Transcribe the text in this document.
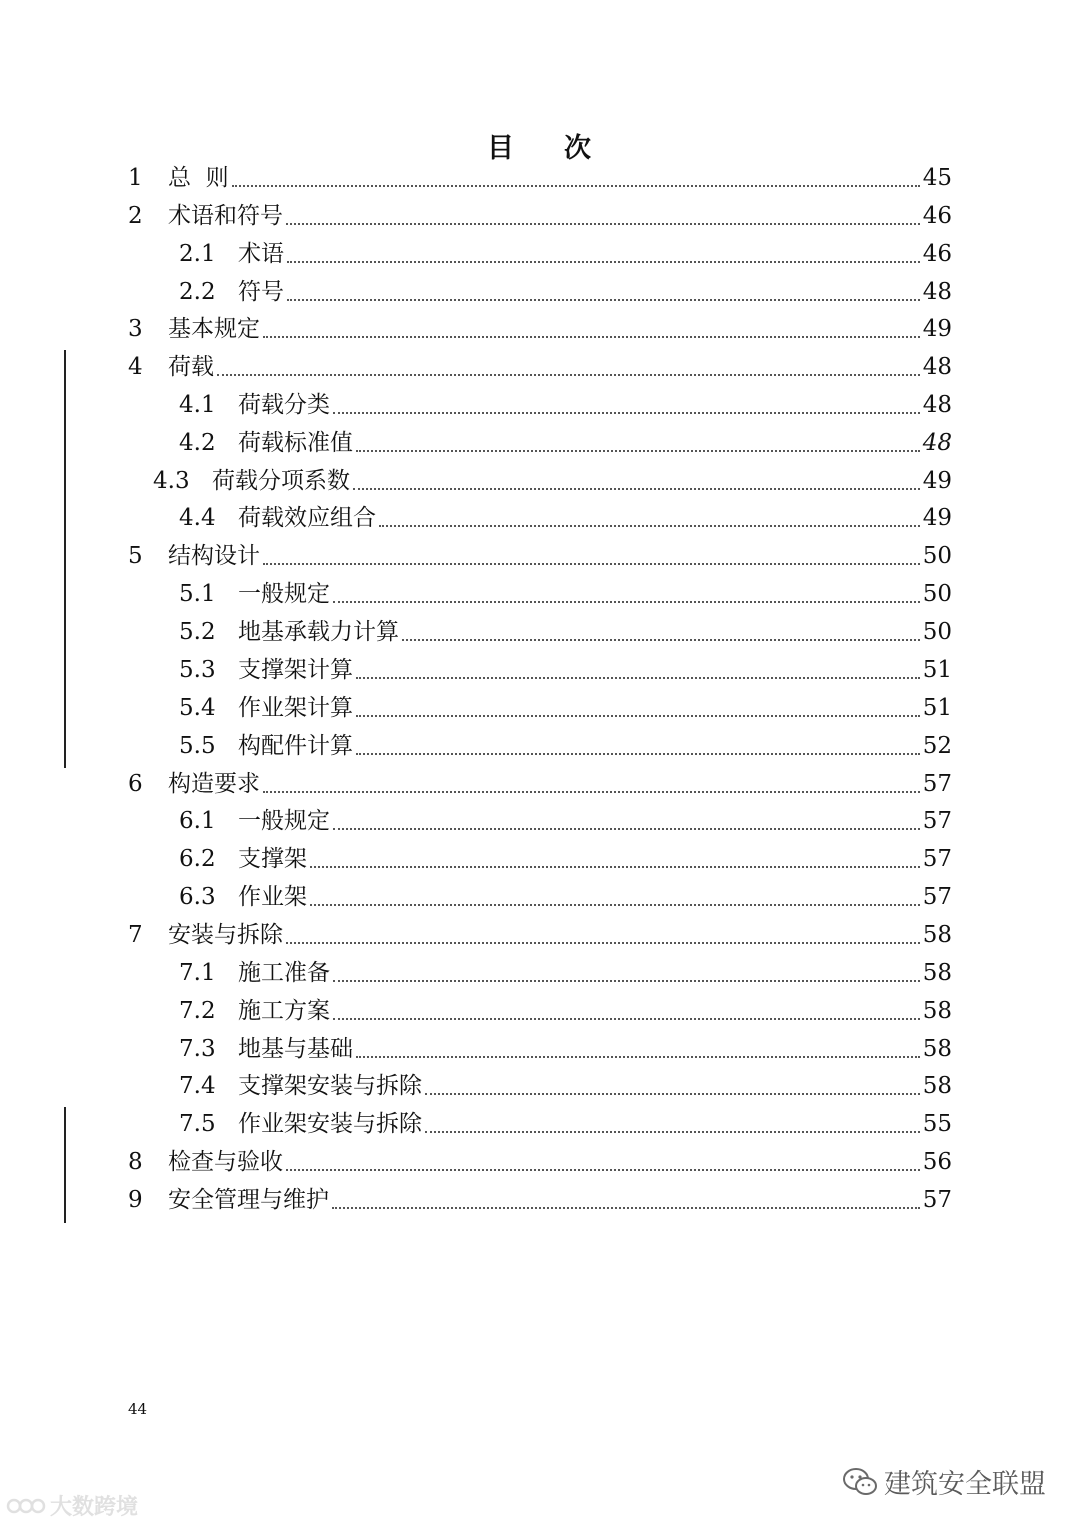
目 次
1	总  则	45
2	术语和符号	46
2.1 术语	46
2.2 符号	48
3	基本规定	49
4	荷载	48
4.1 荷载分类	48
4.2 荷载标准值	48
4.3 荷载分项系数	49
4.4 荷载效应组合	49
5	结构设计	50
5.1 一般规定	50
5.2 地基承载力计算	50
5.3 支撑架计算	51
5.4 作业架计算	51
5.5 构配件计算	52
6	构造要求	57
6.1 一般规定	57
6.2 支撑架	57
6.3 作业架	57
7	安装与拆除	58
7.1 施工准备	58
7.2 施工方案	58
7.3 地基与基础	58
7.4 支撑架安装与拆除	58
7.5 作业架安装与拆除	55
8	检查与验收	56
9	安全管理与维护	57
44
建筑安全联盟
大数跨境
